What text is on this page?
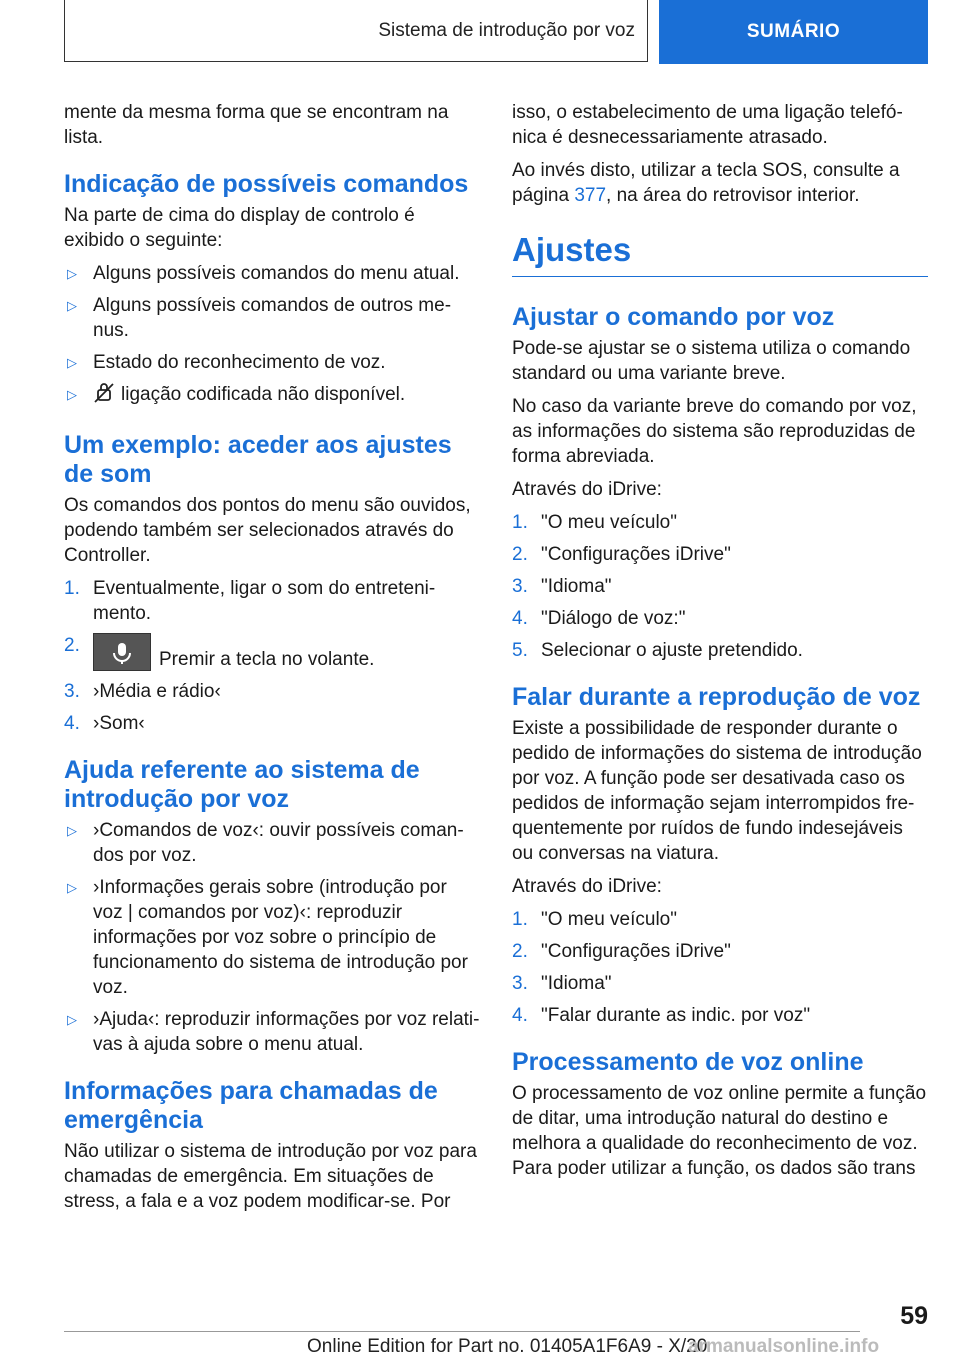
Sistema de introdução por voz	SUMÁRIO

mente da mesma forma que se encontram na lista.

Indicação de possíveis comandos

Na parte de cima do display de controlo é exibido o seguinte:

▷ Alguns possíveis comandos do menu atual.
▷ Alguns possíveis comandos de outros menus.
▷ Estado do reconhecimento de voz.
▷ ligação codificada não disponível.
Um exemplo: aceder aos ajustes de som

Os comandos dos pontos do menu são ouvidos, podendo também ser selecionados através do Controller.

1. Eventualmente, ligar o som do entretenimento.
2.
Premir a tecla no volante.
3. ›Média e rádio‹
4. ›Som‹
Ajuda referente ao sistema de introdução por voz
▷ ›Comandos de voz‹: ouvir possíveis comandos por voz.
▷ ›Informações gerais sobre (introdução por voz | comandos por voz)‹: reproduzir informações por voz sobre o princípio de funcionamento do sistema de introdução por voz.
▷ ›Ajuda‹: reproduzir informações por voz relativas à ajuda sobre o menu atual.
Informações para chamadas de emergência

Não utilizar o sistema de introdução por voz para chamadas de emergência. Em situações de stress, a fala e a voz podem modificar-se. Por

isso, o estabelecimento de uma ligação telefónica é desnecessariamente atrasado.

Ao invés disto, utilizar a tecla SOS, consulte a página 377, na área do retrovisor interior.

Ajustes
Ajustar o comando por voz

Pode-se ajustar se o sistema utiliza o comando standard ou uma variante breve.

No caso da variante breve do comando por voz, as informações do sistema são reproduzidas de forma abreviada.

Através do iDrive:

1. "O meu veículo"
2. "Configurações iDrive"
3. "Idioma"
4. "Diálogo de voz:"
5. Selecionar o ajuste pretendido.
Falar durante a reprodução de voz

Existe a possibilidade de responder durante o pedido de informações do sistema de introdução por voz. A função pode ser desativada caso os pedidos de informação sejam interrompidos frequentemente por ruídos de fundo indesejáveis ou conversas na viatura.

Através do iDrive:

1. "O meu veículo"
2. "Configurações iDrive"
3. "Idioma"
4. "Falar durante as indic. por voz"
Processamento de voz online

O processamento de voz online permite a função de ditar, uma introdução natural do destino e melhora a qualidade do reconhecimento de voz. Para poder utilizar a função, os dados são trans

59
Online Edition for Part no. 01405A1F6A9 - X/20
armanualsonline.info
